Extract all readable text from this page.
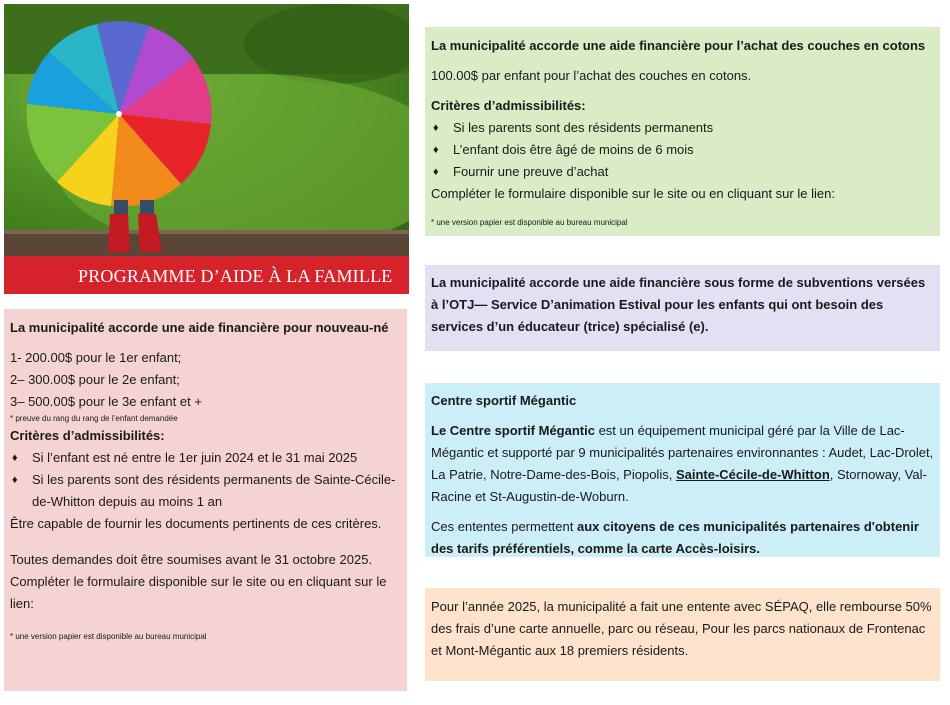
PROGRAMME D’AIDE À LA FAMILLE

La municipalité accorde une aide financière pour nouveau-né

1- 200.00$ pour le 1er enfant;

2– 300.00$ pour le 2e enfant;

3– 500.00$ pour le 3e enfant et +

* preuve du rang du rang de l’enfant demandée

Critères d’admissibilités:

♦ Si l’enfant est né entre le 1er juin 2024 et le 31 mai 2025
♦ Si les parents sont des résidents permanents de Sainte-Cécile-de-Whitton depuis au moins 1 an

Être capable de fournir les documents pertinents de ces critères.

Toutes demandes doit être soumises avant le 31 octobre 2025.

Compléter le formulaire disponible sur le site ou en cliquant sur le lien:

* une version papier est disponible au bureau municipal

La municipalité accorde une aide financière pour l’achat des couches en cotons

100.00$ par enfant pour l’achat des couches en cotons.

Critères d’admissibilités:

♦ Si les parents sont des résidents permanents
♦ L’enfant dois être âgé de moins de 6 mois
♦ Fournir une preuve d’achat

Compléter le formulaire disponible sur le site ou en cliquant sur le lien:

* une version papier est disponible au bureau municipal

La municipalité accorde une aide financière sous forme de subventions versées à l’OTJ— Service D’animation Estival pour les enfants qui ont besoin des services d’un éducateur (trice) spécialisé (e).

Centre sportif Mégantic

Le Centre sportif Mégantic est un équipement municipal géré par la Ville de Lac-Mégantic et supporté par 9 municipalités partenaires environnantes : Audet, Lac-Drolet, La Patrie, Notre-Dame-des-Bois, Piopolis, Sainte-Cécile-de-Whitton, Stornoway, Val-Racine et St-Augustin-de-Woburn.

Ces ententes permettent aux citoyens de ces municipalités partenaires d'obtenir des tarifs préférentiels, comme la carte Accès-loisirs.

Pour l’année 2025, la municipalité a fait une entente avec SÉPAQ, elle rembourse 50% des frais d’une carte annuelle, parc ou réseau, Pour les parcs nationaux de Frontenac et Mont-Mégantic aux 18 premiers résidents.
